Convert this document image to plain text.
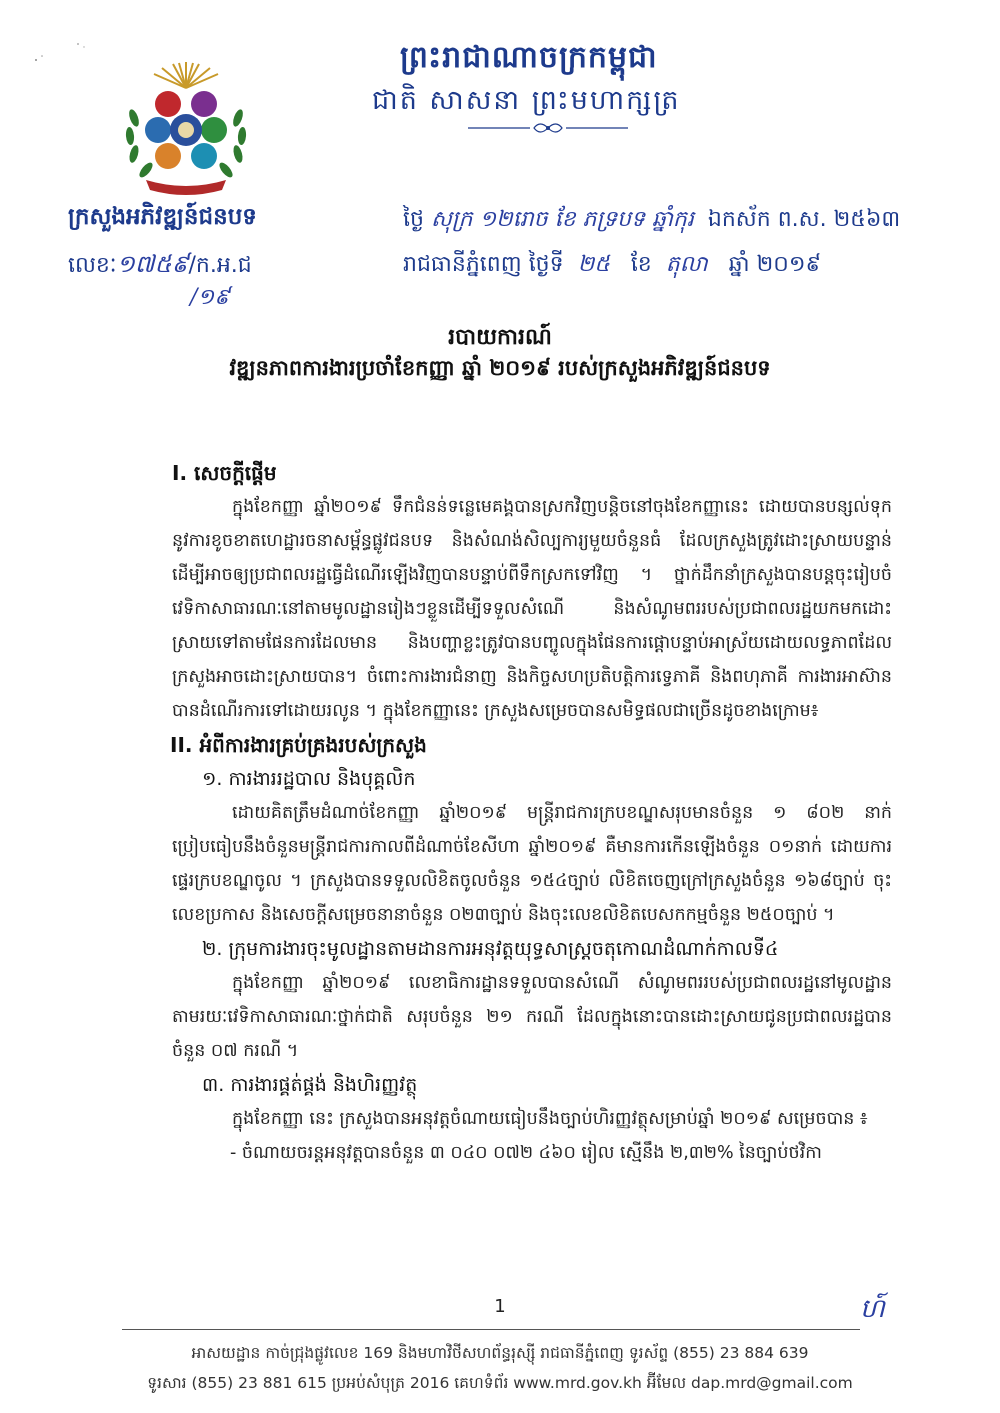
ព្រះរាជាណាចក្រកម្ពុជា
ជាតិ សាសនា ព្រះមហាក្សត្រ
ក្រសួងអភិវឌ្ឍន៍ជនបទ
លេខៈ១៧៥៩/ក.អ.ជ
/១៩
ថ្ងៃ សុក្រ ១២រោច ខែ ភទ្របទ ឆ្នាំកុរ ឯកស័ក ព.ស. ២៥៦៣
រាជធានីភ្នំពេញ ថ្ងៃទី ២៥ ខែ តុលា ឆ្នាំ ២០១៩
របាយការណ៍
វឌ្ឍនភាពការងារប្រចាំខែកញ្ញា ឆ្នាំ ២០១៩ របស់ក្រសួងអភិវឌ្ឍន៍ជនបទ
I. សេចក្តីផ្តើម
ក្នុងខែកញ្ញា ឆ្នាំ២០១៩ ទឹកជំនន់ទន្លេមេគង្គបានស្រកវិញបន្តិចនៅចុងខែកញ្ញានេះ ដោយបានបន្សល់ទុកនូវការខូចខាតហេដ្ឋារចនាសម្ព័ន្ធផ្លូវជនបទ និងសំណង់សិល្បការ្យមួយចំនួនធំ ដែលក្រសួងត្រូវដោះស្រាយបន្ទាន់ដើម្បីអាចឲ្យប្រជាពលរដ្ឋធ្វើដំណើរឡើងវិញបានបន្ទាប់ពីទឹកស្រកទៅវិញ ។ ថ្នាក់ដឹកនាំក្រសួងបានបន្តចុះរៀបចំវេទិកាសាធារណៈនៅតាមមូលដ្ឋានរៀងៗខ្លួនដើម្បីទទួលសំណើ និងសំណូមពររបស់ប្រជាពលរដ្ឋយកមកដោះស្រាយទៅតាមផែនការដែលមាន និងបញ្ហាខ្លះត្រូវបានបញ្ចូលក្នុងផែនការផ្តោបន្ទាប់អាស្រ័យដោយលទ្ធភាពដែលក្រសួងអាចដោះស្រាយបាន។ ចំពោះការងារជំនាញ និងកិច្ចសហប្រតិបត្តិការទ្វេភាគី និងពហុភាគី ការងារអាស៊ាន បានដំណើរការទៅដោយរលូន ។ ក្នុងខែកញ្ញានេះ ក្រសួងសម្រេចបានសមិទ្ធផលជាច្រើនដូចខាងក្រោម៖
II. អំពីការងារគ្រប់គ្រងរបស់ក្រសួង
១. ការងាររដ្ឋបាល និងបុគ្គលិក
ដោយគិតត្រឹមដំណាច់ខែកញ្ញា ឆ្នាំ២០១៩ មន្រ្តីរាជការក្របខណ្ឌសរុបមានចំនួន ១ ៨០២ នាក់ ប្រៀបធៀបនឹងចំនួនមន្រ្តីរាជការកាលពីដំណាច់ខែសីហា ឆ្នាំ២០១៩ គឺមានការកើនឡើងចំនួន ០១នាក់ ដោយការផ្ទេរក្របខណ្ឌចូល ។ ក្រសួងបានទទួលលិខិតចូលចំនួន ១៥៤ច្បាប់ លិខិតចេញក្រៅក្រសួងចំនួន ១៦៨ច្បាប់ ចុះលេខប្រកាស និងសេចក្តីសម្រេចនានាចំនួន ០២៣ច្បាប់ និងចុះលេខលិខិតបេសកកម្មចំនួន ២៥០ច្បាប់ ។
២. ក្រុមការងារចុះមូលដ្ឋានតាមដានការអនុវត្តយុទ្ធសាស្រ្តចតុកោណដំណាក់កាលទី៤
ក្នុងខែកញ្ញា ឆ្នាំ២០១៩ លេខាធិការដ្ឋានទទួលបានសំណើ សំណូមពររបស់ប្រជាពលរដ្ឋនៅមូលដ្ឋានតាមរយៈវេទិកាសាធារណៈថ្នាក់ជាតិ សរុបចំនួន ២១ ករណី ដែលក្នុងនោះបានដោះស្រាយជូនប្រជាពលរដ្ឋបានចំនួន ០៧ ករណី ។
៣. ការងារផ្គត់ផ្គង់ និងហិរញ្ញវត្ថុ
ក្នុងខែកញ្ញា នេះ ក្រសួងបានអនុវត្តចំណាយធៀបនឹងច្បាប់ហិរញ្ញវត្ថុសម្រាប់ឆ្នាំ ២០១៩ សម្រេចបាន ៖
- ចំណាយចរន្តអនុវត្តបានចំនួន ៣ ០៤០ ០៧២ ៤៦០ រៀល ស្មើនឹង ២,៣២% នៃច្បាប់ថវិកា
1	ហ៍
អាសយដ្ឋាន កាច់ជ្រុងផ្លូវលេខ 169 និងមហាវិថីសហព័ន្ធរុស្ស៊ី រាជធានីភ្នំពេញ ទូរស័ព្ទ (855) 23 884 639
ទូរសារ (855) 23 881 615 ប្រអប់សំបុត្រ 2016 គេហទំព័រ www.mrd.gov.kh អ៊ីមែល dap.mrd@gmail.com
